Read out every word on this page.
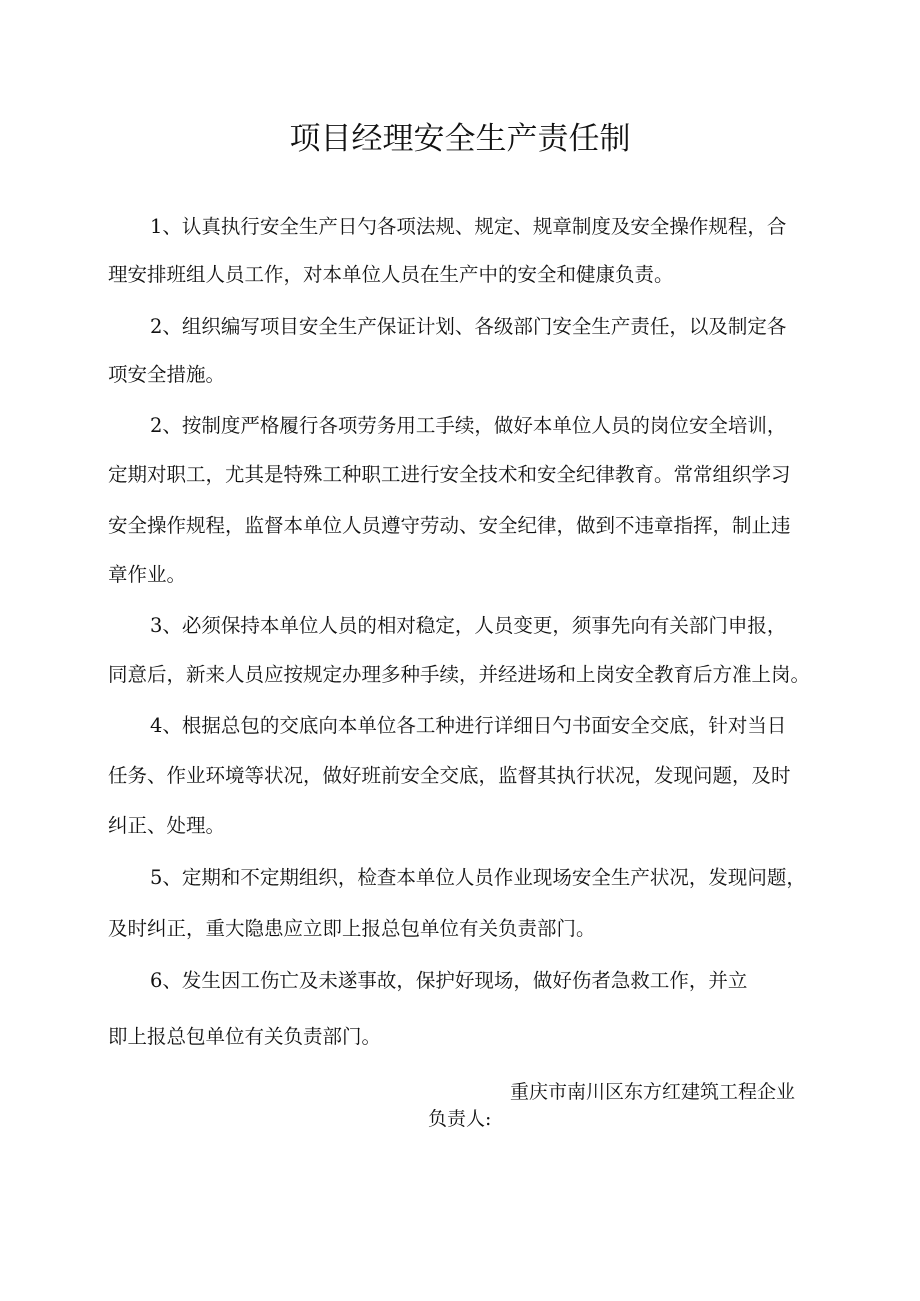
项目经理安全生产责任制
1、认真执行安全生产日勺各项法规、规定、规章制度及安全操作规程，合
理安排班组人员工作，对本单位人员在生产中的安全和健康负责。
2、组织编写项目安全生产保证计划、各级部门安全生产责任，以及制定各
项安全措施。
2、按制度严格履行各项劳务用工手续，做好本单位人员的岗位安全培训，
定期对职工，尤其是特殊工种职工进行安全技术和安全纪律教育。常常组织学习
安全操作规程，监督本单位人员遵守劳动、安全纪律，做到不违章指挥，制止违
章作业。
3、必须保持本单位人员的相对稳定，人员变更，须事先向有关部门申报，
同意后，新来人员应按规定办理多种手续，并经进场和上岗安全教育后方准上岗。
4、根据总包的交底向本单位各工种进行详细日勺书面安全交底，针对当日
任务、作业环境等状况，做好班前安全交底，监督其执行状况，发现问题，及时
纠正、处理。
5、定期和不定期组织，检查本单位人员作业现场安全生产状况，发现问题，
及时纠正，重大隐患应立即上报总包单位有关负责部门。
6、发生因工伤亡及未遂事故，保护好现场，做好伤者急救工作，并立
即上报总包单位有关负责部门。
重庆市南川区东方红建筑工程企业
负责人:
